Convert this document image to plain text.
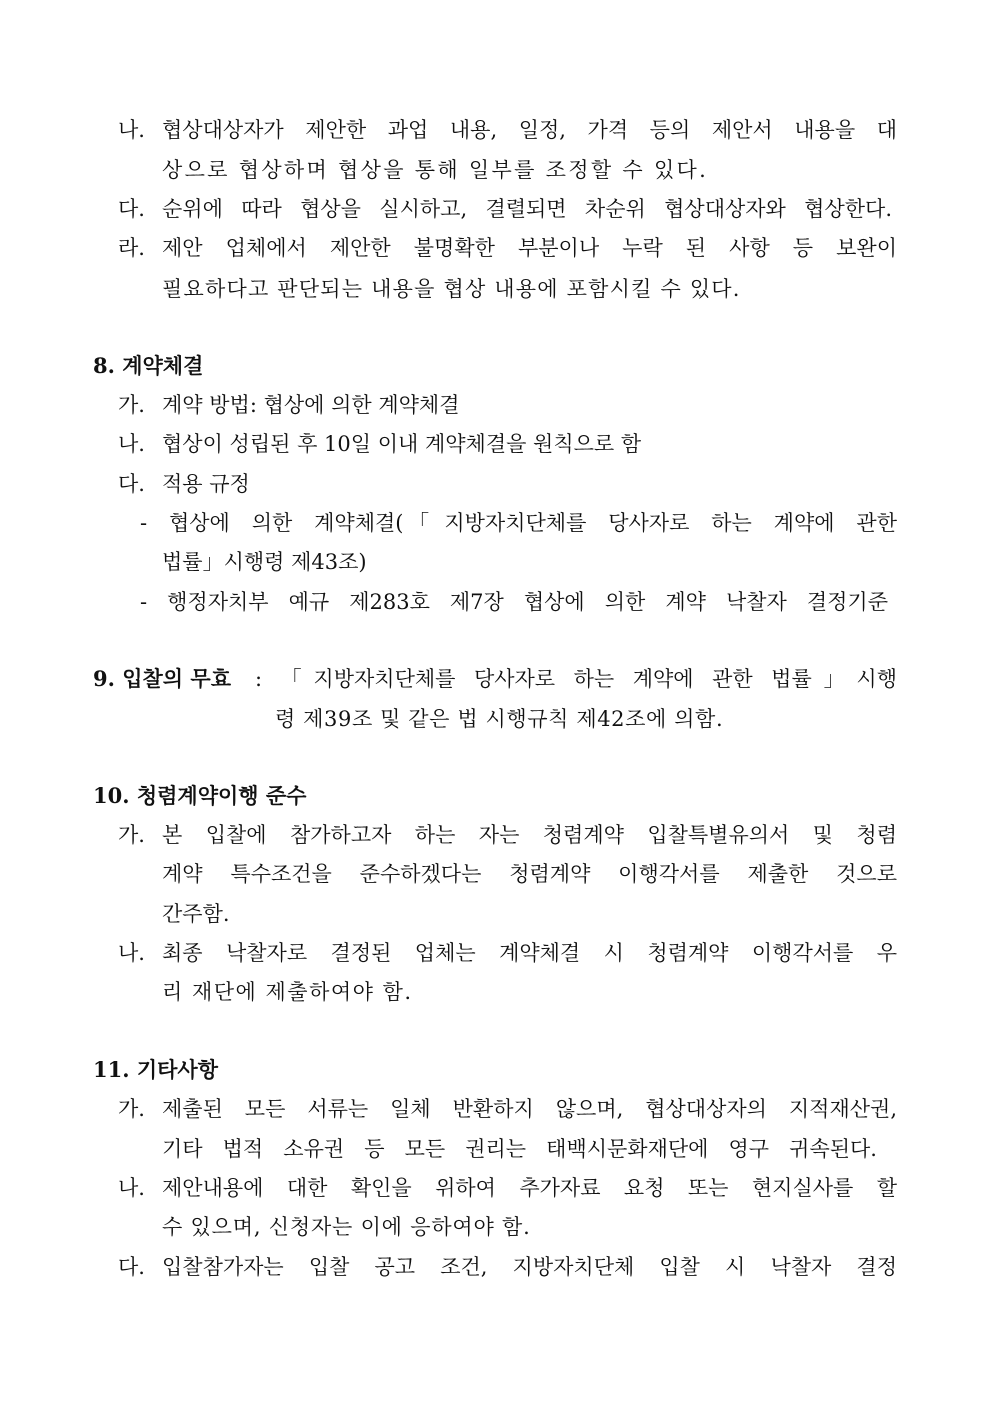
나. 협상대상자가 제안한 과업 내용, 일정, 가격 등의 제안서 내용을 대
상으로 협상하며 협상을 통해 일부를 조정할 수 있다.
다. 순위에 따라 협상을 실시하고, 결렬되면 차순위 협상대상자와 협상한다.
라. 제안 업체에서 제안한 불명확한 부분이나 누락 된 사항 등 보완이
필요하다고 판단되는 내용을 협상 내용에 포함시킬 수 있다.
8. 계약체결
가. 계약 방법: 협상에 의한 계약체결
나. 협상이 성립된 후 10일 이내 계약체결을 원칙으로 함
다. 적용 규정
- 협상에 의한 계약체결(「지방자치단체를 당사자로 하는 계약에 관한
법률」시행령 제43조)
- 행정자치부 예규 제283호 제7장 협상에 의한 계약 낙찰자 결정기준
9. 입찰의 무효 : 「지방자치단체를 당사자로 하는 계약에 관한 법률」시행
령 제39조 및 같은 법 시행규칙 제42조에 의함.
10. 청렴계약이행 준수
가. 본 입찰에 참가하고자 하는 자는 청렴계약 입찰특별유의서 및 청렴
계약 특수조건을 준수하겠다는 청렴계약 이행각서를 제출한 것으로
간주함.
나. 최종 낙찰자로 결정된 업체는 계약체결 시 청렴계약 이행각서를 우
리 재단에 제출하여야 함.
11. 기타사항
가. 제출된 모든 서류는 일체 반환하지 않으며, 협상대상자의 지적재산권,
기타 법적 소유권 등 모든 권리는 태백시문화재단에 영구 귀속된다.
나. 제안내용에 대한 확인을 위하여 추가자료 요청 또는 현지실사를 할
수 있으며, 신청자는 이에 응하여야 함.
다. 입찰참가자는 입찰 공고 조건, 지방자치단체 입찰 시 낙찰자 결정
